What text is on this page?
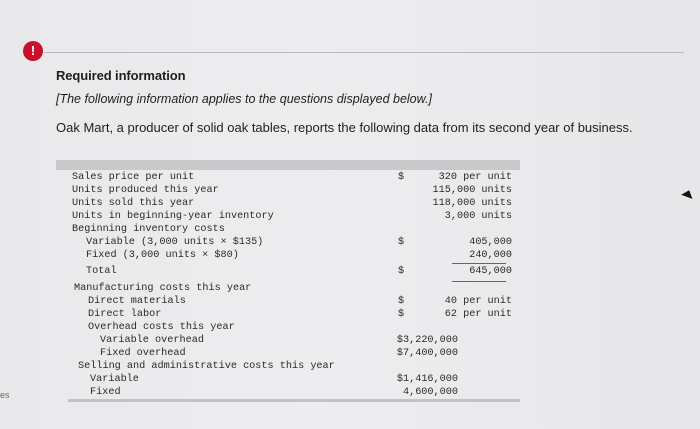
!

Required information

[The following information applies to the questions displayed below.]
Oak Mart, a producer of solid oak tables, reports the following data from its second year of business.
Sales price per unit	$	320 per unit
Units produced this year	115,000 units
Units sold this year	118,000 units
Units in beginning-year inventory	3,000 units
Beginning inventory costs
Variable (3,000 units × $135)	$	405,000
Fixed (3,000 units × $80)	240,000
Total	$	645,000
Manufacturing costs this year
Direct materials	$	40 per unit
Direct labor	$	62 per unit
Overhead costs this year
Variable overhead	$3,220,000
Fixed overhead	$7,400,000
Selling and administrative costs this year
Variable	$1,416,000
Fixed	4,600,000
es
